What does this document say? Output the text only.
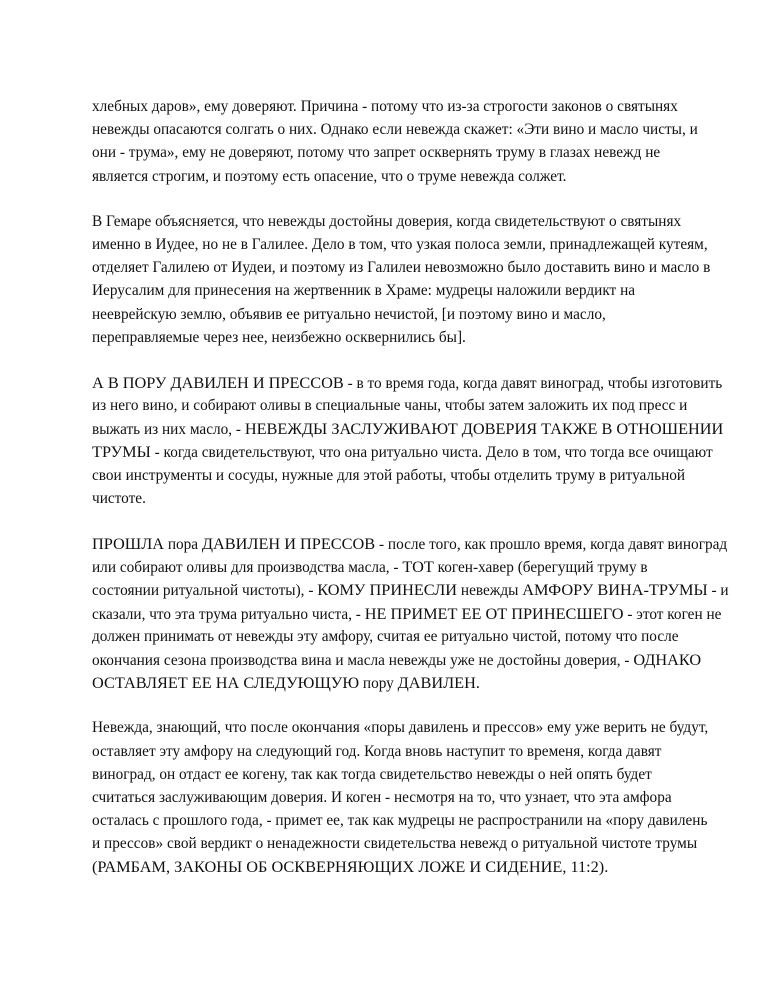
хлебных даров», ему доверяют. Причина - потому что из-за строгости законов о святынях
невежды опасаются солгать о них. Однако если невежда скажет: «Эти вино и масло чисты, и
они - трума», ему не доверяют, потому что запрет осквернять труму в глазах невежд не
является строгим, и поэтому есть опасение, что о труме невежда солжет.

В Гемаре объясняется, что невежды достойны доверия, когда свидетельствуют о святынях
именно в Иудее, но не в Галилее. Дело в том, что узкая полоса земли, принадлежащей кутеям,
отделяет Галилею от Иудеи, и поэтому из Галилеи невозможно было доставить вино и масло в
Иерусалим для принесения на жертвенник в Храме: мудрецы наложили вердикт на
нееврейскую землю, объявив ее ритуально нечистой, [и поэтому вино и масло,
переправляемые через нее, неизбежно осквернились бы].

А В ПОРУ ДАВИЛЕН И ПРЕССОВ - в то время года, когда давят виноград, чтобы изготовить
из него вино, и собирают оливы в специальные чаны, чтобы затем заложить их под пресс и
выжать из них масло, - НЕВЕЖДЫ ЗАСЛУЖИВАЮТ ДОВЕРИЯ ТАКЖЕ В ОТНОШЕНИИ
ТРУМЫ - когда свидетельствуют, что она ритуально чиста. Дело в том, что тогда все очищают
свои инструменты и сосуды, нужные для этой работы, чтобы отделить труму в ритуальной
чистоте.

ПРОШЛА пора ДАВИЛЕН И ПРЕССОВ - после того, как прошло время, когда давят виноград
или собирают оливы для производства масла, - ТОТ коген-хавер (берегущий труму в
состоянии ритуальной чистоты), - КОМУ ПРИНЕСЛИ невежды АМФОРУ ВИНА-ТРУМЫ - и
сказали, что эта трума ритуально чиста, - НЕ ПРИМЕТ ЕЕ ОТ ПРИНЕСШЕГО - этот коген не
должен принимать от невежды эту амфору, считая ее ритуально чистой, потому что после
окончания сезона производства вина и масла невежды уже не достойны доверия, - ОДНАКО
ОСТАВЛЯЕТ ЕЕ НА СЛЕДУЮЩУЮ пору ДАВИЛЕН.

Невежда, знающий, что после окончания «поры давилень и прессов» ему уже верить не будут,
оставляет эту амфору на следующий год. Когда вновь наступит то временя, когда давят
виноград, он отдаст ее когену, так как тогда свидетельство невежды о ней опять будет
считаться заслуживающим доверия. И коген - несмотря на то, что узнает, что эта амфора
осталась с прошлого года, - примет ее, так как мудрецы не распространили на «пору давилень
и прессов» свой вердикт о ненадежности свидетельства невежд о ритуальной чистоте трумы
(РАМБАМ, ЗАКОНЫ ОБ ОСКВЕРНЯЮЩИХ ЛОЖЕ И СИДЕНИЕ, 11:2).
